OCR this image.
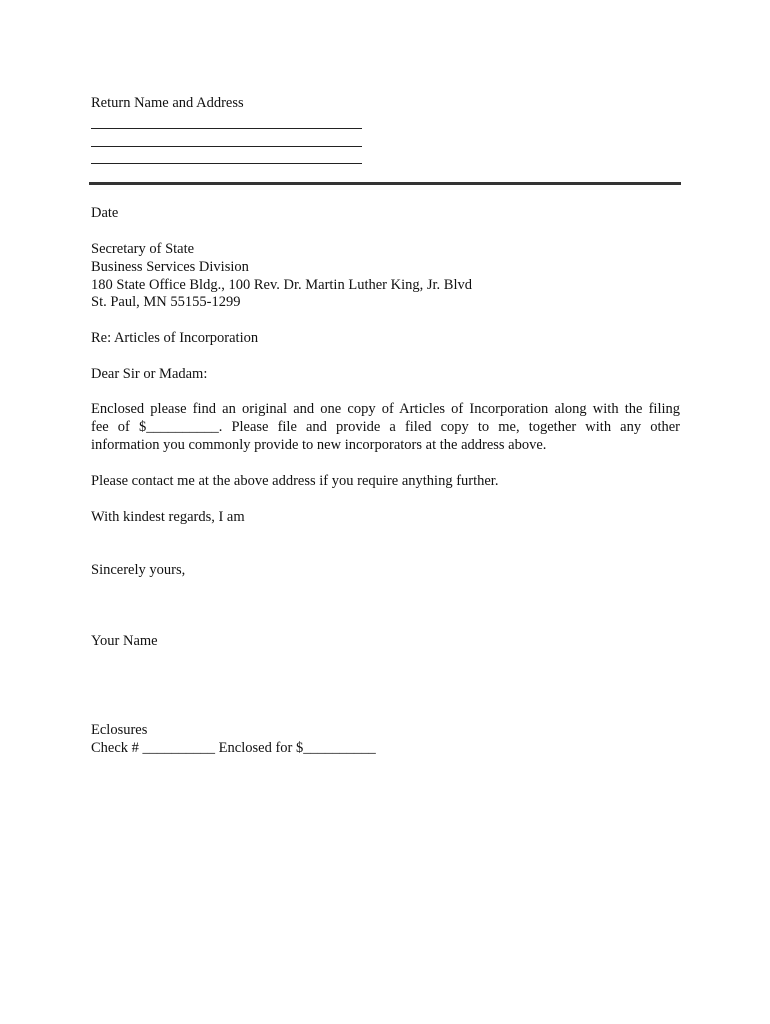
Return Name and Address
Date
Secretary of State
Business Services Division
180 State Office Bldg., 100 Rev. Dr. Martin Luther King, Jr. Blvd
St. Paul, MN 55155-1299
Re: Articles of Incorporation
Dear Sir or Madam:
Enclosed please find an original and one copy of Articles of Incorporation along with the filing
fee of $__________. Please file and provide a filed copy to me, together with any other
information you commonly provide to new incorporators at the address above.
Please contact me at the above address if you require anything further.
With kindest regards, I am
Sincerely yours,
Your Name
Eclosures
Check # __________ Enclosed for $__________
